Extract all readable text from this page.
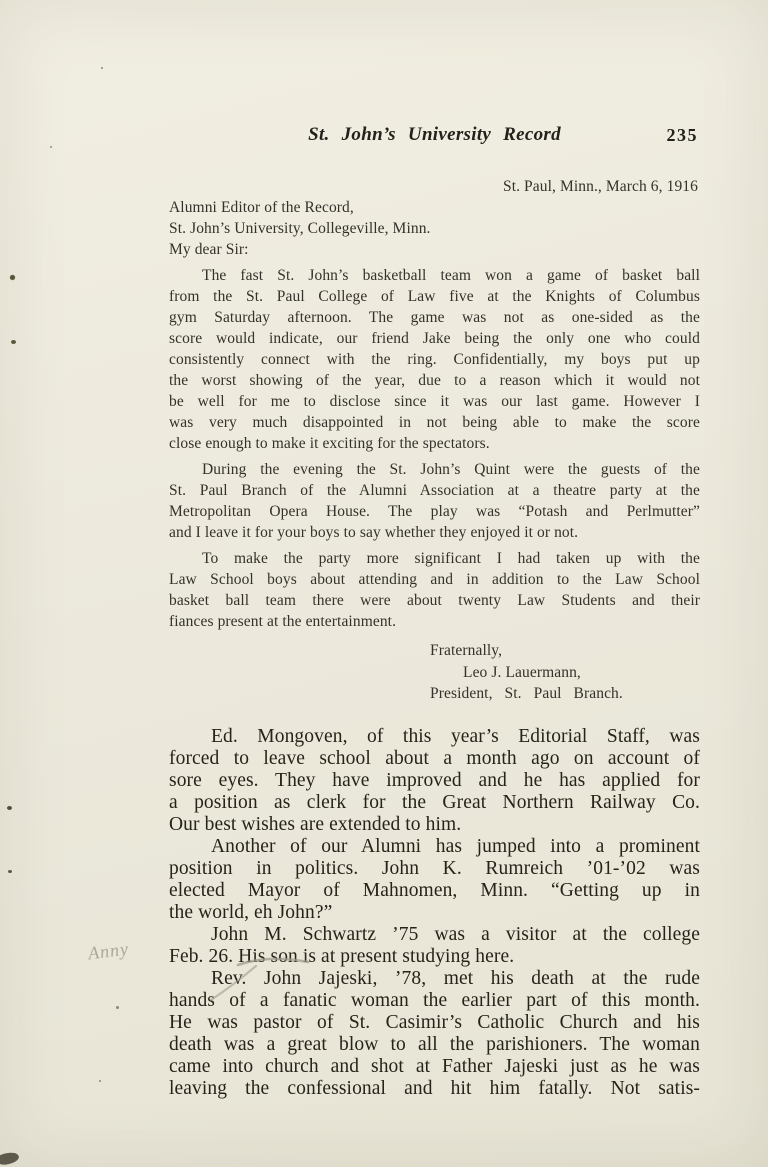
St. John’s University Record	235
St. Paul, Minn., March 6, 1916
Alumni Editor of the Record,
St. John’s University, Collegeville, Minn.
My dear Sir:

The fast St. John’s basketball team won a game of basket ball
from the St. Paul College of Law five at the Knights of Columbus
gym Saturday afternoon. The game was not as one-sided as the
score would indicate, our friend Jake being the only one who could
consistently connect with the ring. Confidentially, my boys put up
the worst showing of the year, due to a reason which it would not
be well for me to disclose since it was our last game. However I
was very much disappointed in not being able to make the score
close enough to make it exciting for the spectators.

During the evening the St. John’s Quint were the guests of the
St. Paul Branch of the Alumni Association at a theatre party at the
Metropolitan Opera House. The play was “Potash and Perlmutter”
and I leave it for your boys to say whether they enjoyed it or not.

To make the party more significant I had taken up with the
Law School boys about attending and in addition to the Law School
basket ball team there were about twenty Law Students and their
fiances present at the entertainment.

Fraternally,
Leo J. Lauermann,
President, St. Paul Branch.

Ed. Mongoven, of this year’s Editorial Staff, was
forced to leave school about a month ago on account of
sore eyes. They have improved and he has applied for
a position as clerk for the Great Northern Railway Co.
Our best wishes are extended to him.

Another of our Alumni has jumped into a prominent
position in politics. John K. Rumreich ’01-’02 was
elected Mayor of Mahnomen, Minn. “Getting up in
the world, eh John?”

John M. Schwartz ’75 was a visitor at the college
Feb. 26. His son is at present studying here.

Rev. John Jajeski, ’78, met his death at the rude
hands of a fanatic woman the earlier part of this month.
He was pastor of St. Casimir’s Catholic Church and his
death was a great blow to all the parishioners. The woman
came into church and shot at Father Jajeski just as he was
leaving the confessional and hit him fatally. Not satis-

Anny
